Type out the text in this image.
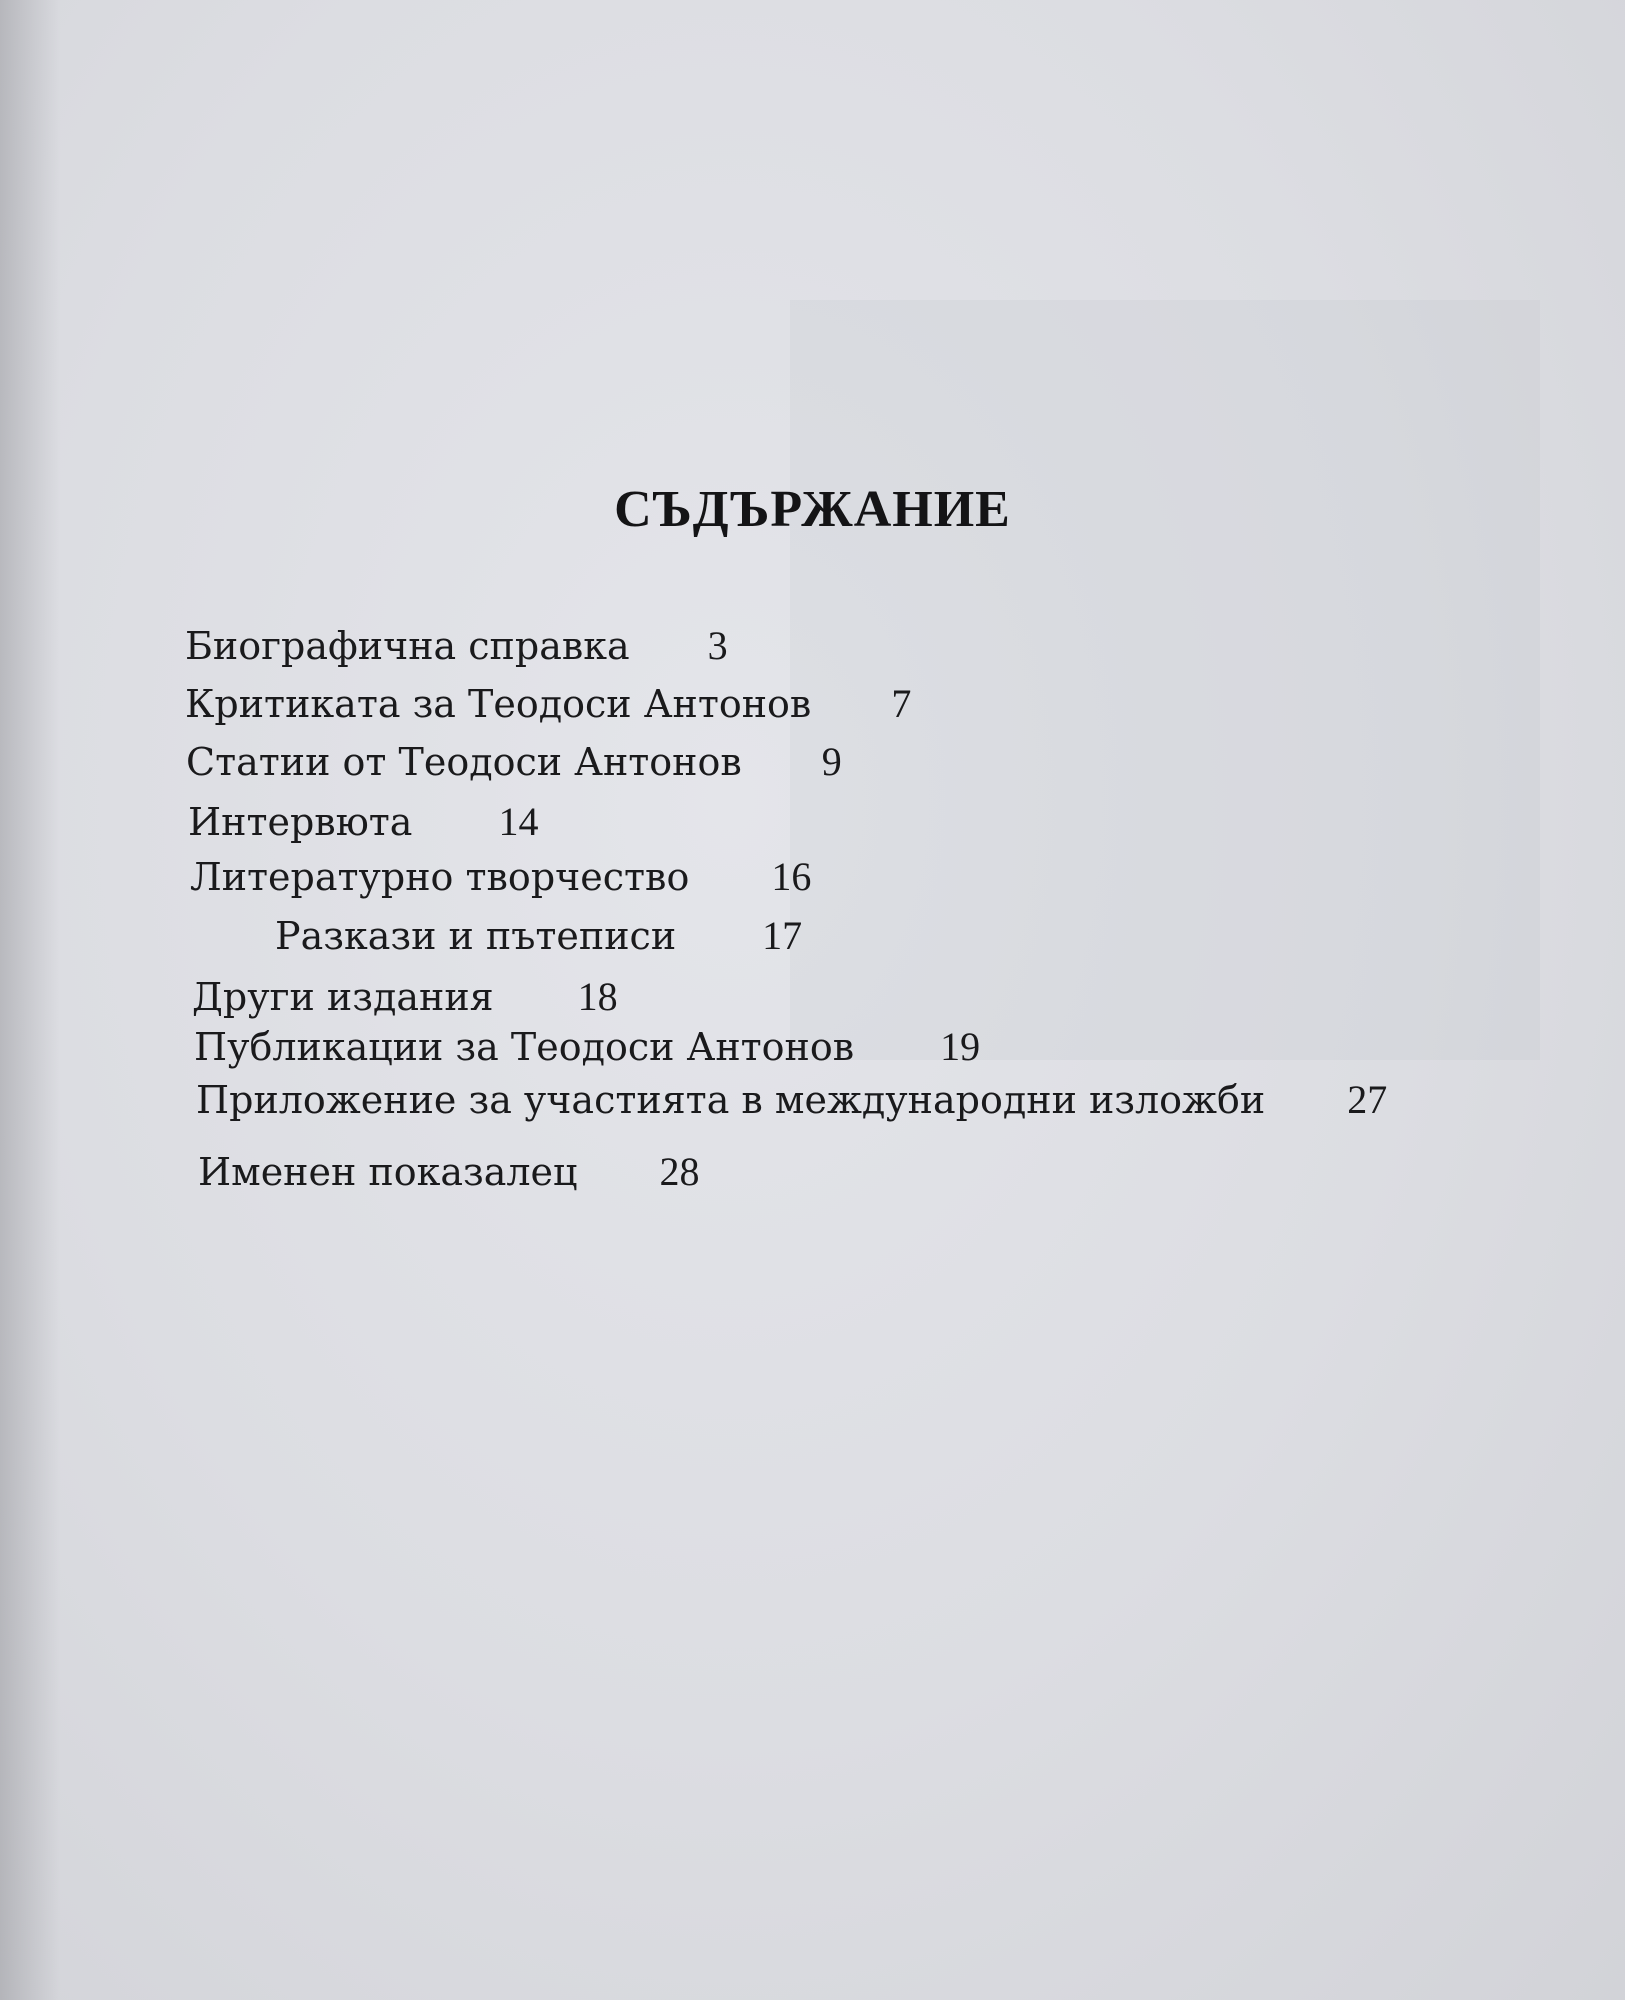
СЪДЪРЖАНИЕ
Биографична справка 3
Критиката за Теодоси Антонов 7
Статии от Теодоси Антонов 9
Интервюта 14
Литературно творчество 16
Разкази и пътеписи 17
Други издания 18
Публикации за Теодоси Антонов 19
Приложение за участията в международни изложби 27
Именен показалец 28
